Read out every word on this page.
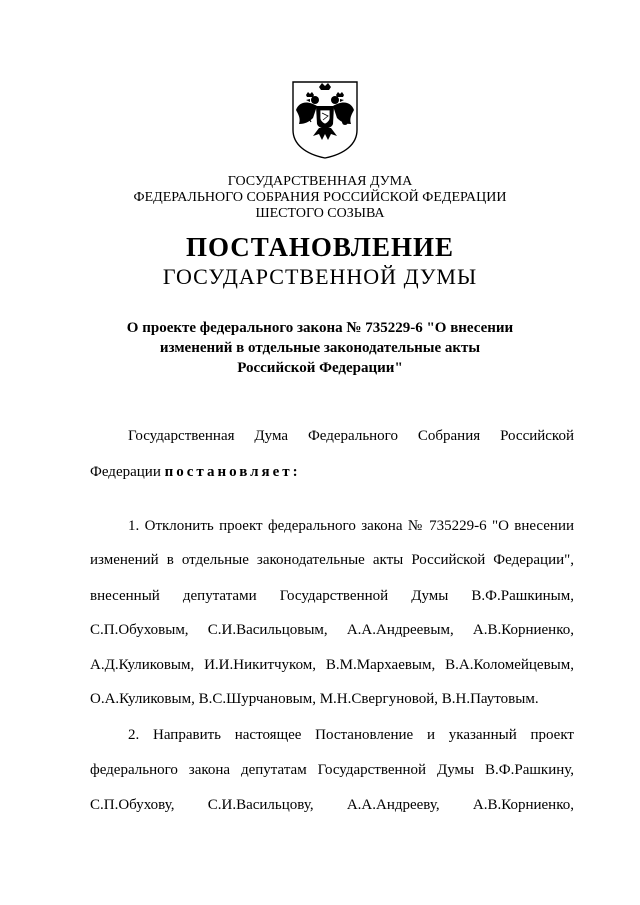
ГОСУДАРСТВЕННАЯ ДУМА
ФЕДЕРАЛЬНОГО СОБРАНИЯ РОССИЙСКОЙ ФЕДЕРАЦИИ
ШЕСТОГО СОЗЫВА
ПОСТАНОВЛЕНИЕ
ГОСУДАРСТВЕННОЙ ДУМЫ
О проекте федерального закона № 735229-6 "О внесении
изменений в отдельные законодательные акты
Российской Федерации"
Государственная Дума Федерального Собрания Российской
Федерации постановляет:
1. Отклонить проект федерального закона № 735229-6 "О внесении
изменений в отдельные законодательные акты Российской Федерации",
внесенный депутатами Государственной Думы В.Ф.Рашкиным,
С.П.Обуховым, С.И.Васильцовым, А.А.Андреевым, А.В.Корниенко,
А.Д.Куликовым, И.И.Никитчуком, В.М.Мархаевым, В.А.Коломейцевым,
О.А.Куликовым, В.С.Шурчановым, М.Н.Свергуновой, В.Н.Паутовым.
2. Направить настоящее Постановление и указанный проект
федерального закона депутатам Государственной Думы В.Ф.Рашкину,
С.П.Обухову, С.И.Васильцову, А.А.Андрееву, А.В.Корниенко,
